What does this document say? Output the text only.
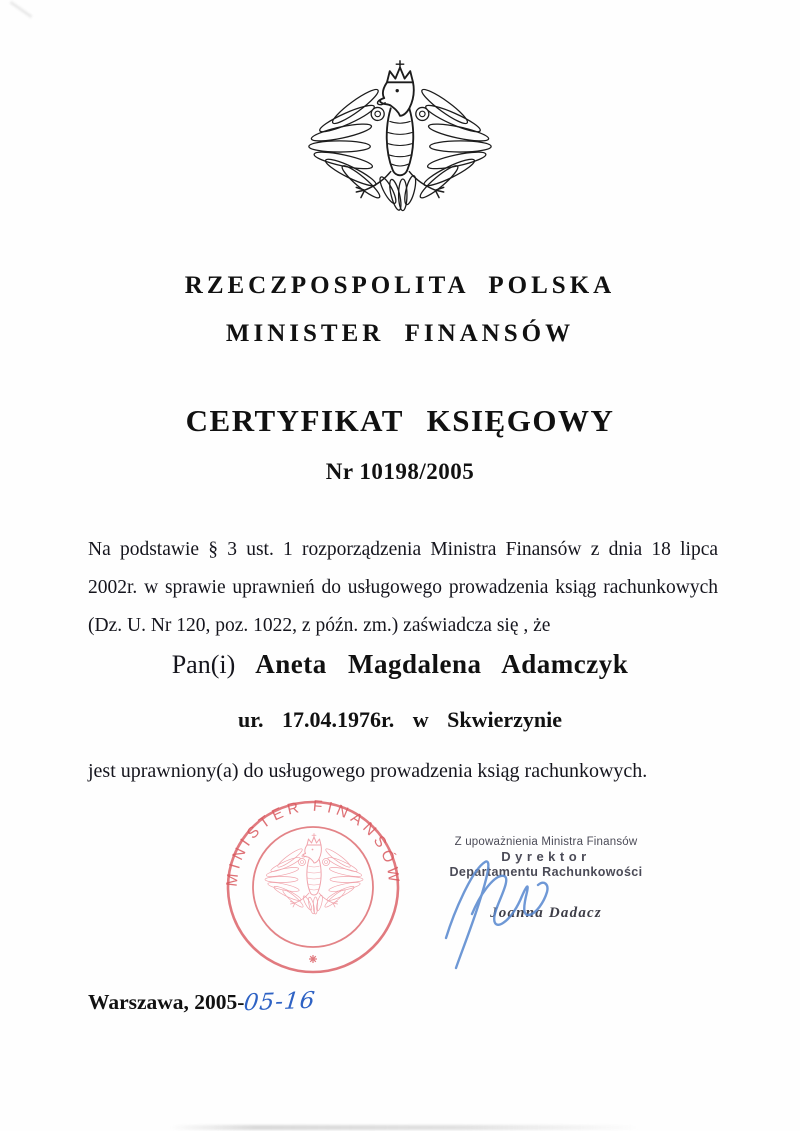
RZECZPOSPOLITA POLSKA
MINISTER FINANSÓW
CERTYFIKAT KSIĘGOWY
Nr 10198/2005

Na podstawie § 3 ust. 1 rozporządzenia Ministra Finansów z dnia 18 lipca 2002r. w sprawie uprawnień do usługowego prowadzenia ksiąg rachunkowych (Dz. U. Nr 120, poz. 1022, z późn. zm.) zaświadcza się , że

Pan(i) Aneta Magdalena Adamczyk
ur. 17.04.1976r. w Skwierzynie

jest uprawniony(a) do usługowego prowadzenia ksiąg rachunkowych.

MINISTER FINANSÓW
Z upoważnienia Ministra Finansów
Dyrektor
Departamentu Rachunkowości
Joanna Dadacz
Warszawa, 2005-05-16
